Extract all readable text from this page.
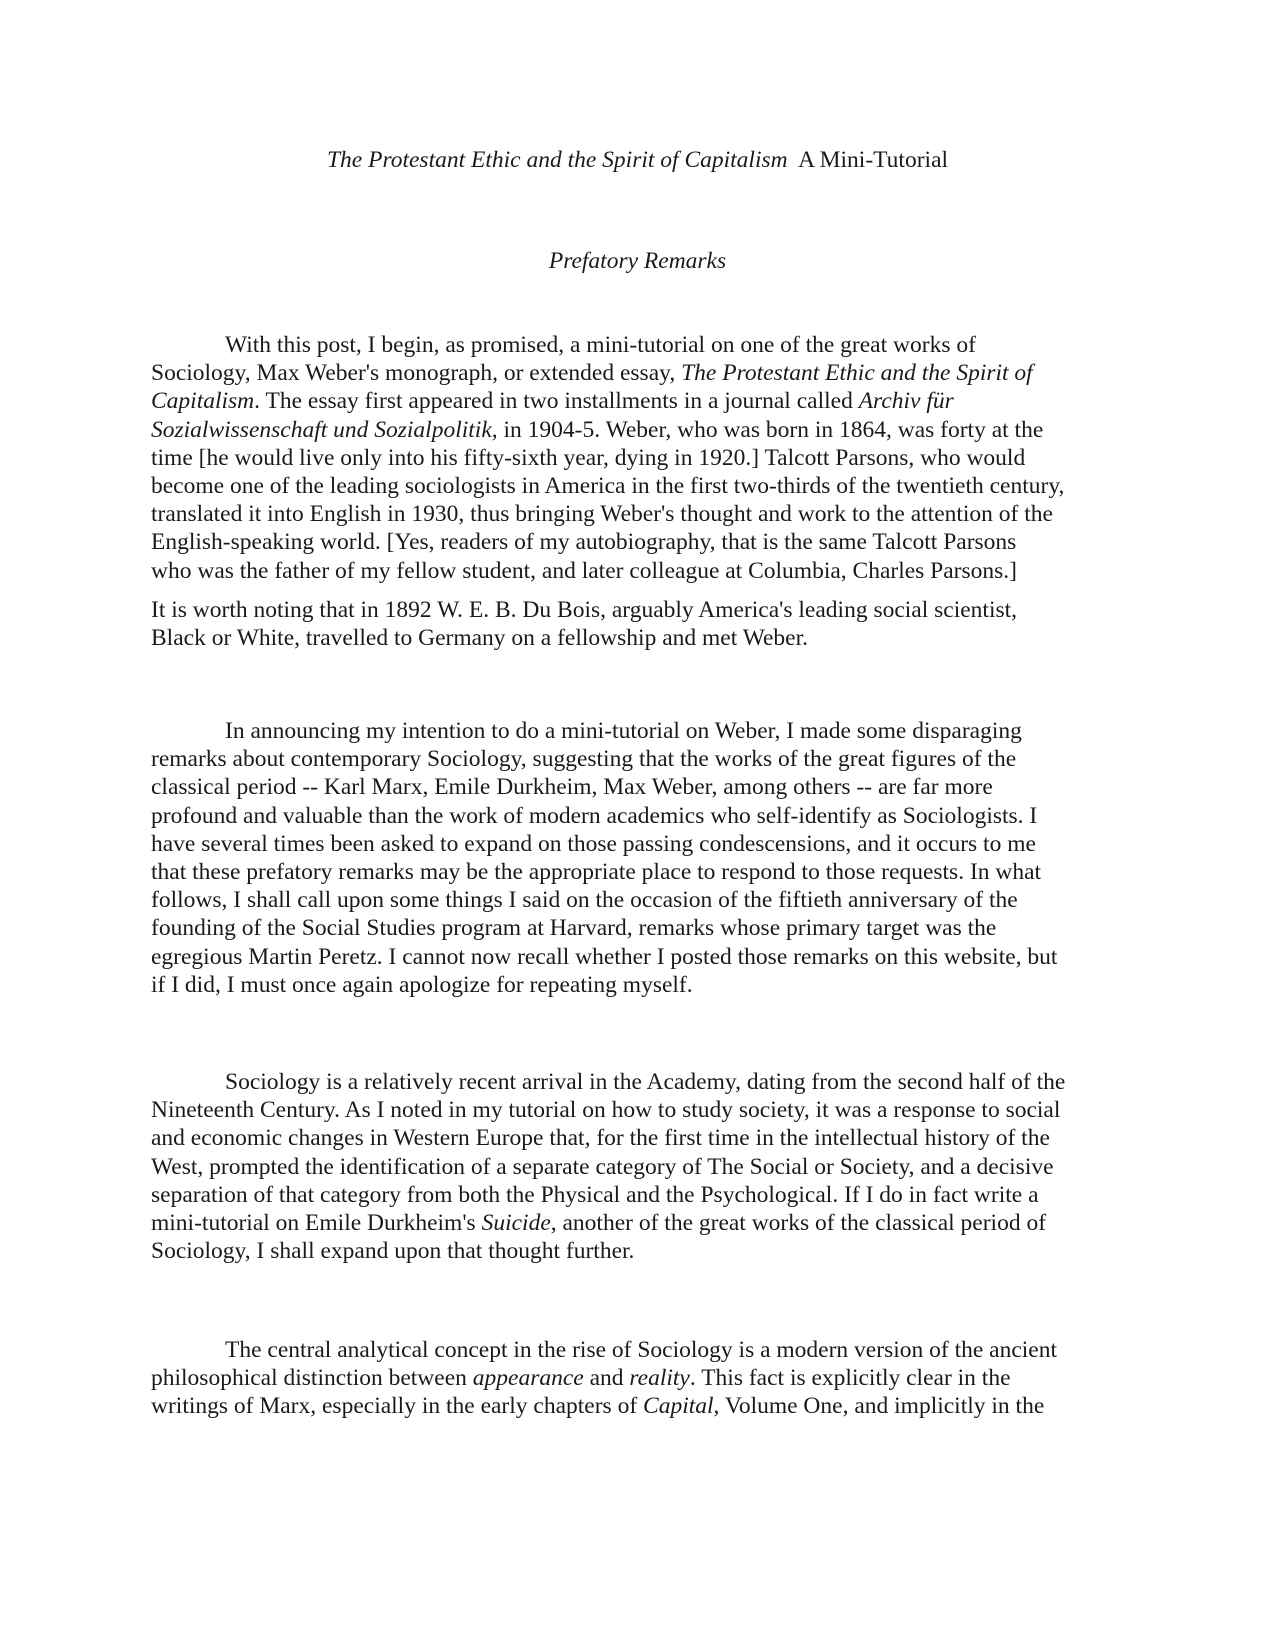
The Protestant Ethic and the Spirit of Capitalism A Mini-Tutorial
Prefatory Remarks
With this post, I begin, as promised, a mini-tutorial on one of the great works of
Sociology, Max Weber's monograph, or extended essay, The Protestant Ethic and the Spirit of
Capitalism. The essay first appeared in two installments in a journal called Archiv für
Sozialwissenschaft und Sozialpolitik, in 1904-5. Weber, who was born in 1864, was forty at the
time [he would live only into his fifty-sixth year, dying in 1920.] Talcott Parsons, who would
become one of the leading sociologists in America in the first two-thirds of the twentieth century,
translated it into English in 1930, thus bringing Weber's thought and work to the attention of the
English-speaking world. [Yes, readers of my autobiography, that is the same Talcott Parsons
who was the father of my fellow student, and later colleague at Columbia, Charles Parsons.]
It is worth noting that in 1892 W. E. B. Du Bois, arguably America's leading social scientist,
Black or White, travelled to Germany on a fellowship and met Weber.
In announcing my intention to do a mini-tutorial on Weber, I made some disparaging
remarks about contemporary Sociology, suggesting that the works of the great figures of the
classical period -- Karl Marx, Emile Durkheim, Max Weber, among others -- are far more
profound and valuable than the work of modern academics who self-identify as Sociologists. I
have several times been asked to expand on those passing condescensions, and it occurs to me
that these prefatory remarks may be the appropriate place to respond to those requests. In what
follows, I shall call upon some things I said on the occasion of the fiftieth anniversary of the
founding of the Social Studies program at Harvard, remarks whose primary target was the
egregious Martin Peretz. I cannot now recall whether I posted those remarks on this website, but
if I did, I must once again apologize for repeating myself.
Sociology is a relatively recent arrival in the Academy, dating from the second half of the
Nineteenth Century. As I noted in my tutorial on how to study society, it was a response to social
and economic changes in Western Europe that, for the first time in the intellectual history of the
West, prompted the identification of a separate category of The Social or Society, and a decisive
separation of that category from both the Physical and the Psychological. If I do in fact write a
mini-tutorial on Emile Durkheim's Suicide, another of the great works of the classical period of
Sociology, I shall expand upon that thought further.
The central analytical concept in the rise of Sociology is a modern version of the ancient
philosophical distinction between appearance and reality. This fact is explicitly clear in the
writings of Marx, especially in the early chapters of Capital, Volume One, and implicitly in the
